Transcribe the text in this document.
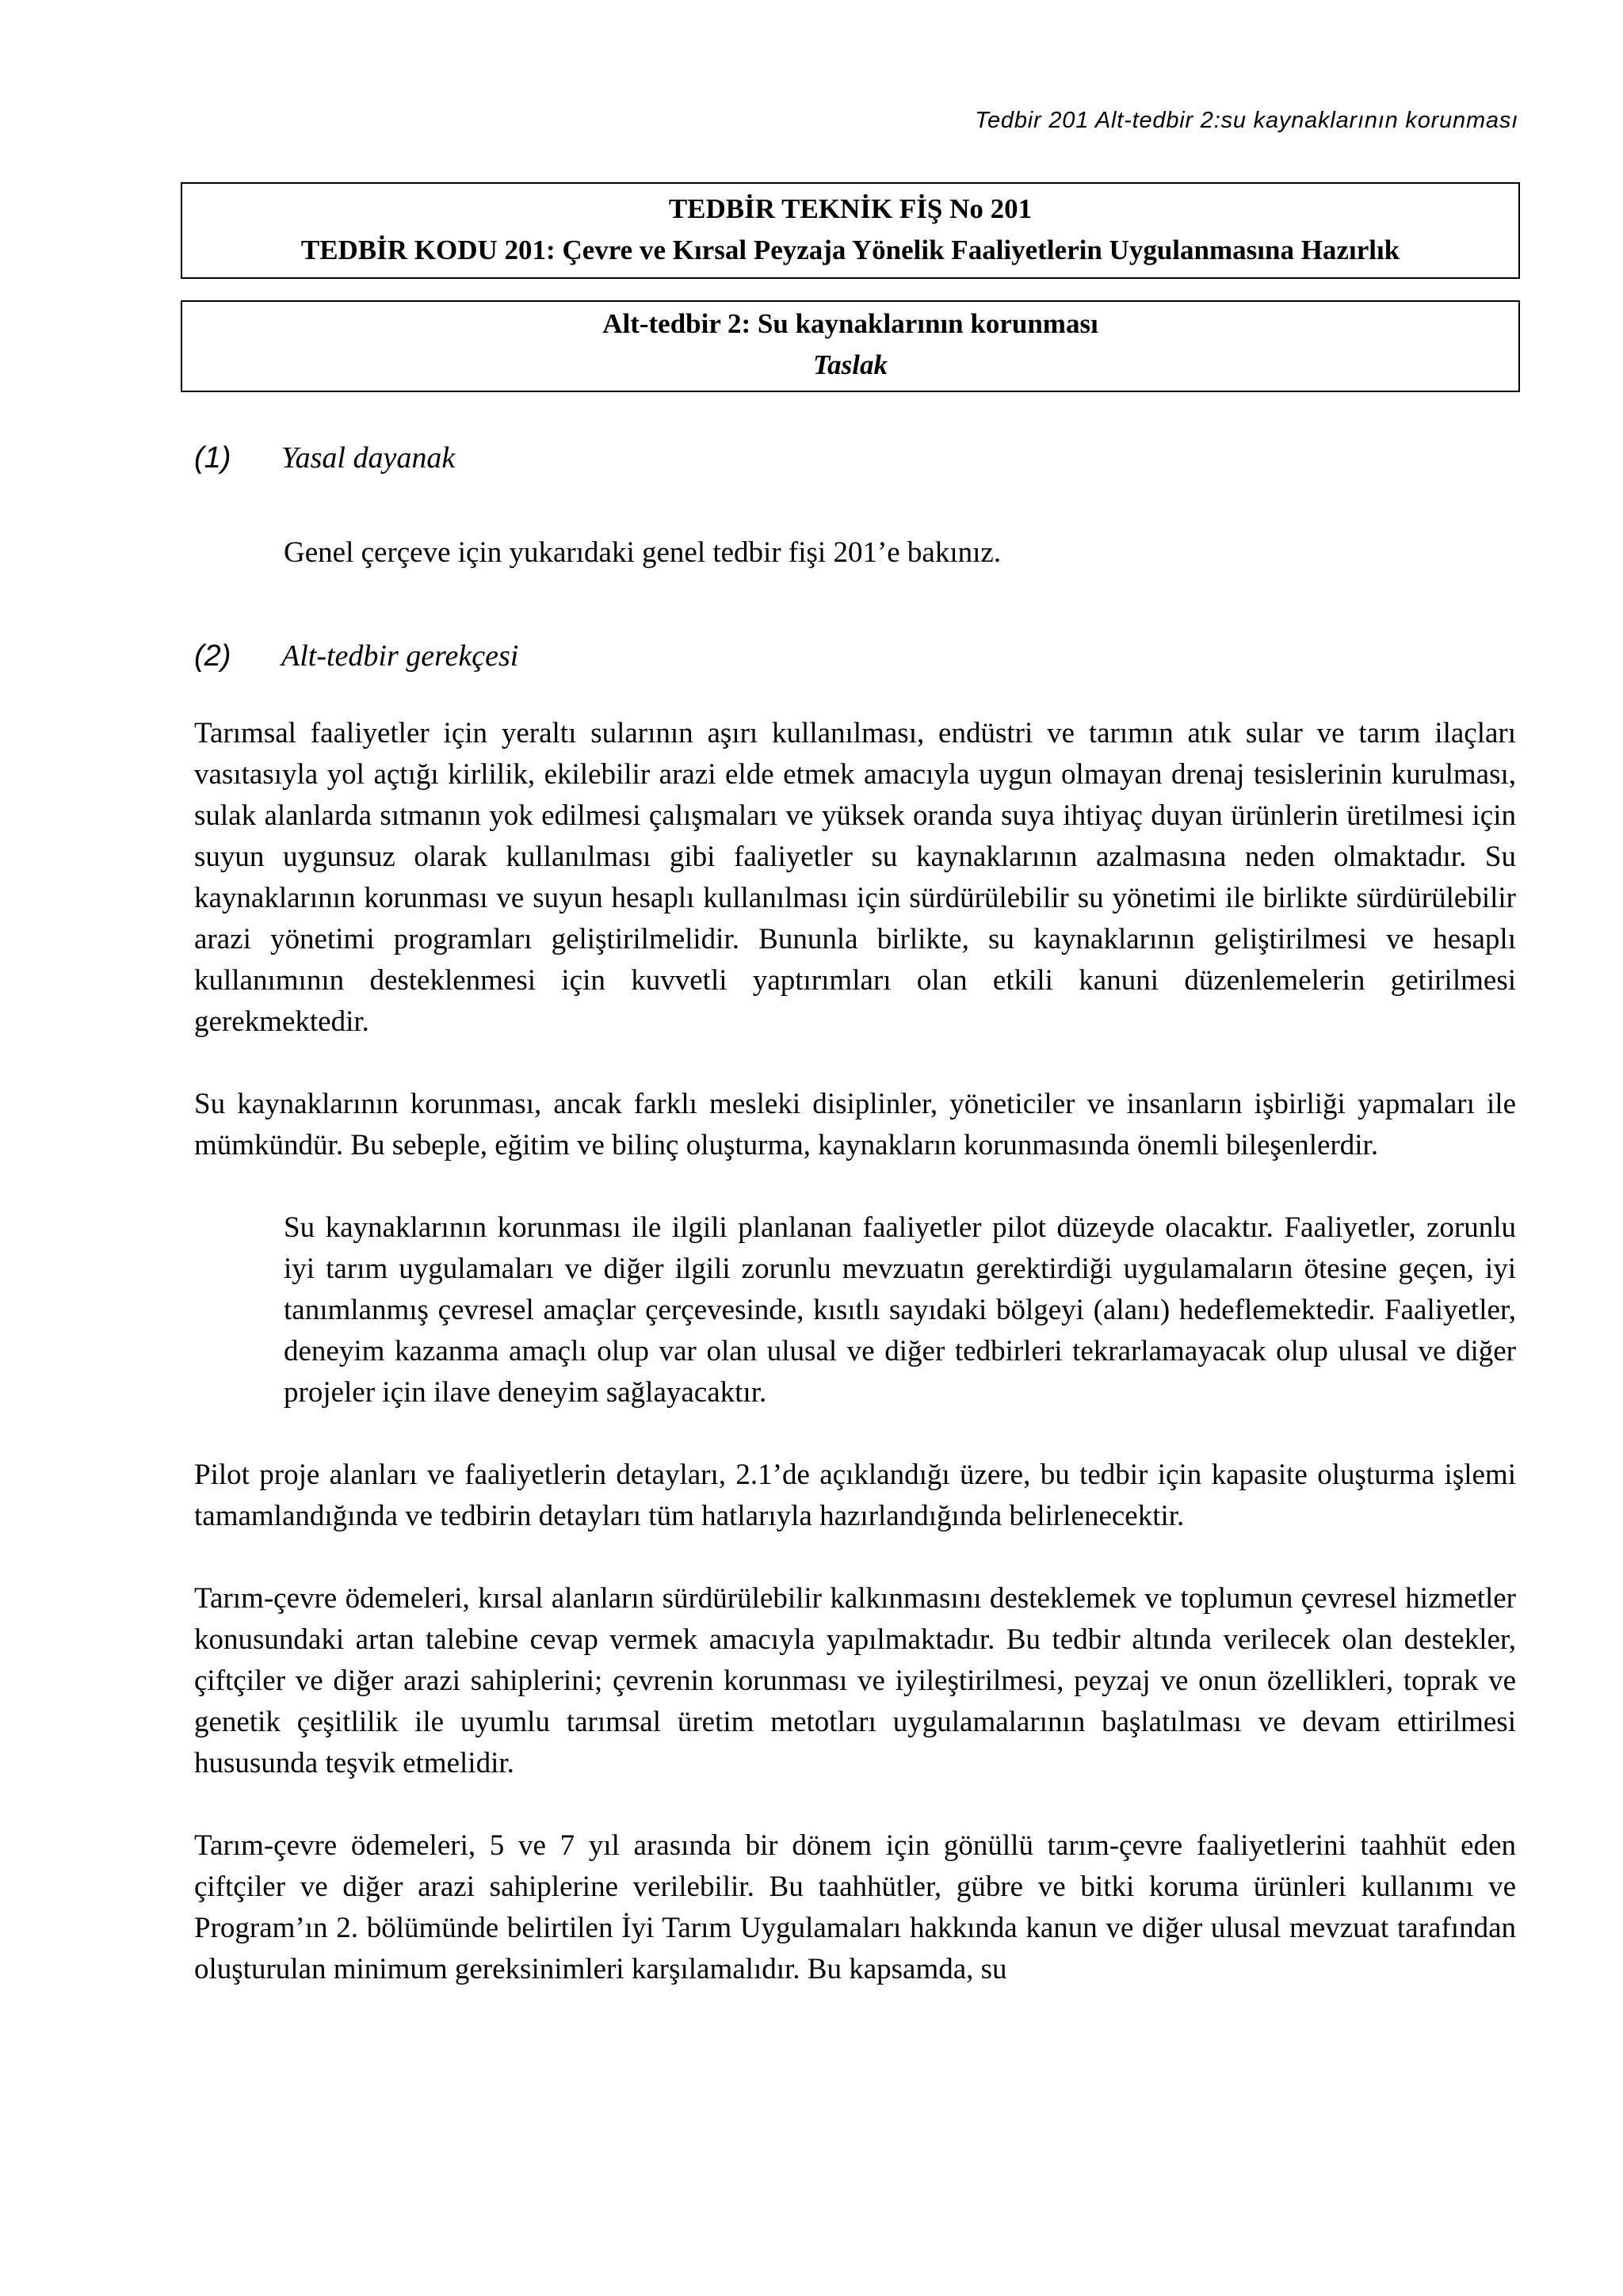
Tedbir 201 Alt-tedbir 2:su kaynaklarının korunması
TEDBİR TEKNİK FİŞ No 201
TEDBİR KODU 201: Çevre ve Kırsal Peyzaja Yönelik Faaliyetlerin Uygulanmasına Hazırlık
Alt-tedbir 2: Su kaynaklarının korunması
Taslak
(1) Yasal dayanak
Genel çerçeve için yukarıdaki genel tedbir fişi 201’e bakınız.
(2) Alt-tedbir gerekçesi

Tarımsal faaliyetler için yeraltı sularının aşırı kullanılması, endüstri ve tarımın atık sular ve tarım ilaçları vasıtasıyla yol açtığı kirlilik, ekilebilir arazi elde etmek amacıyla uygun olmayan drenaj tesislerinin kurulması, sulak alanlarda sıtmanın yok edilmesi çalışmaları ve yüksek oranda suya ihtiyaç duyan ürünlerin üretilmesi için suyun uygunsuz olarak kullanılması gibi faaliyetler su kaynaklarının azalmasına neden olmaktadır. Su kaynaklarının korunması ve suyun hesaplı kullanılması için sürdürülebilir su yönetimi ile birlikte sürdürülebilir arazi yönetimi programları geliştirilmelidir. Bununla birlikte, su kaynaklarının geliştirilmesi ve hesaplı kullanımının desteklenmesi için kuvvetli yaptırımları olan etkili kanuni düzenlemelerin getirilmesi gerekmektedir.

Su kaynaklarının korunması, ancak farklı mesleki disiplinler, yöneticiler ve insanların işbirliği yapmaları ile mümkündür. Bu sebeple, eğitim ve bilinç oluşturma, kaynakların korunmasında önemli bileşenlerdir.

Su kaynaklarının korunması ile ilgili planlanan faaliyetler pilot düzeyde olacaktır. Faaliyetler, zorunlu iyi tarım uygulamaları ve diğer ilgili zorunlu mevzuatın gerektirdiği uygulamaların ötesine geçen, iyi tanımlanmış çevresel amaçlar çerçevesinde, kısıtlı sayıdaki bölgeyi (alanı) hedeflemektedir. Faaliyetler, deneyim kazanma amaçlı olup var olan ulusal ve diğer tedbirleri tekrarlamayacak olup ulusal ve diğer projeler için ilave deneyim sağlayacaktır.

Pilot proje alanları ve faaliyetlerin detayları, 2.1’de açıklandığı üzere, bu tedbir için kapasite oluşturma işlemi tamamlandığında ve tedbirin detayları tüm hatlarıyla hazırlandığında belirlenecektir.

Tarım-çevre ödemeleri, kırsal alanların sürdürülebilir kalkınmasını desteklemek ve toplumun çevresel hizmetler konusundaki artan talebine cevap vermek amacıyla yapılmaktadır. Bu tedbir altında verilecek olan destekler, çiftçiler ve diğer arazi sahiplerini; çevrenin korunması ve iyileştirilmesi, peyzaj ve onun özellikleri, toprak ve genetik çeşitlilik ile uyumlu tarımsal üretim metotları uygulamalarının başlatılması ve devam ettirilmesi hususunda teşvik etmelidir.

Tarım-çevre ödemeleri, 5 ve 7 yıl arasında bir dönem için gönüllü tarım-çevre faaliyetlerini taahhüt eden çiftçiler ve diğer arazi sahiplerine verilebilir. Bu taahhütler, gübre ve bitki koruma ürünleri kullanımı ve Program’ın 2. bölümünde belirtilen İyi Tarım Uygulamaları hakkında kanun ve diğer ulusal mevzuat tarafından oluşturulan minimum gereksinimleri karşılamalıdır. Bu kapsamda, su
